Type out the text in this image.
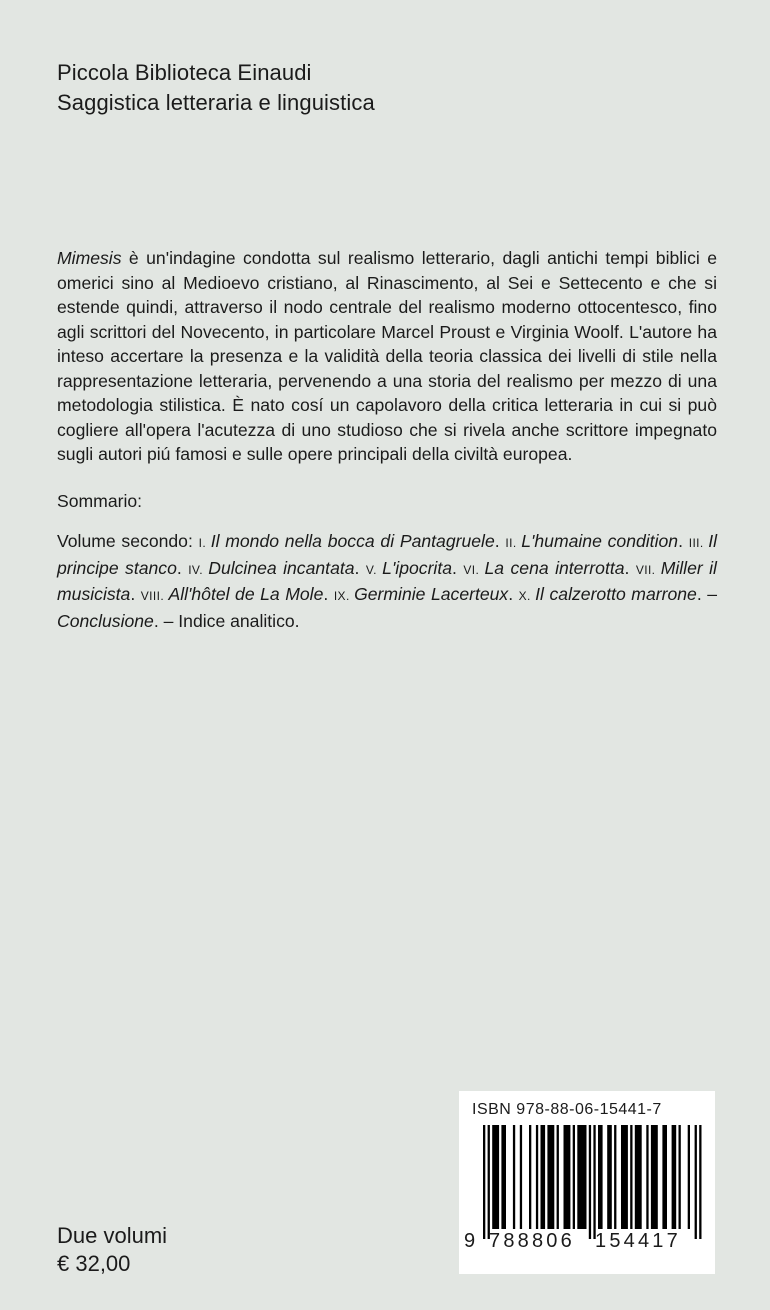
Piccola Biblioteca Einaudi
Saggistica letteraria e linguistica

Mimesis è un'indagine condotta sul realismo letterario, dagli antichi tempi biblici e omerici sino al Medioevo cristiano, al Rinascimento, al Sei e Settecento e che si estende quindi, attraverso il nodo centrale del realismo moderno ottocentesco, fino agli scrittori del Novecento, in particolare Marcel Proust e Virginia Woolf. L'autore ha inteso accertare la presenza e la validità della teoria classica dei livelli di stile nella rappresentazione letteraria, pervenendo a una storia del realismo per mezzo di una metodologia stilistica. È nato cosí un capolavoro della critica letteraria in cui si può cogliere all'opera l'acutezza di uno studioso che si rivela anche scrittore impegnato sugli autori piú famosi e sulle opere principali della civiltà europea.

Sommario:

Volume secondo: I. Il mondo nella bocca di Pantagruele. II. L'humaine condition. III. Il principe stanco. IV. Dulcinea incantata. V. L'ipocrita. VI. La cena interrotta. VII. Miller il musicista. VIII. All'hôtel de La Mole. IX. Germinie Lacerteux. X. Il calzerotto marrone. – Conclusione. – Indice analitico.

Due volumi
€ 32,00
ISBN 978-88-06-15441-7
9 788806 154417
